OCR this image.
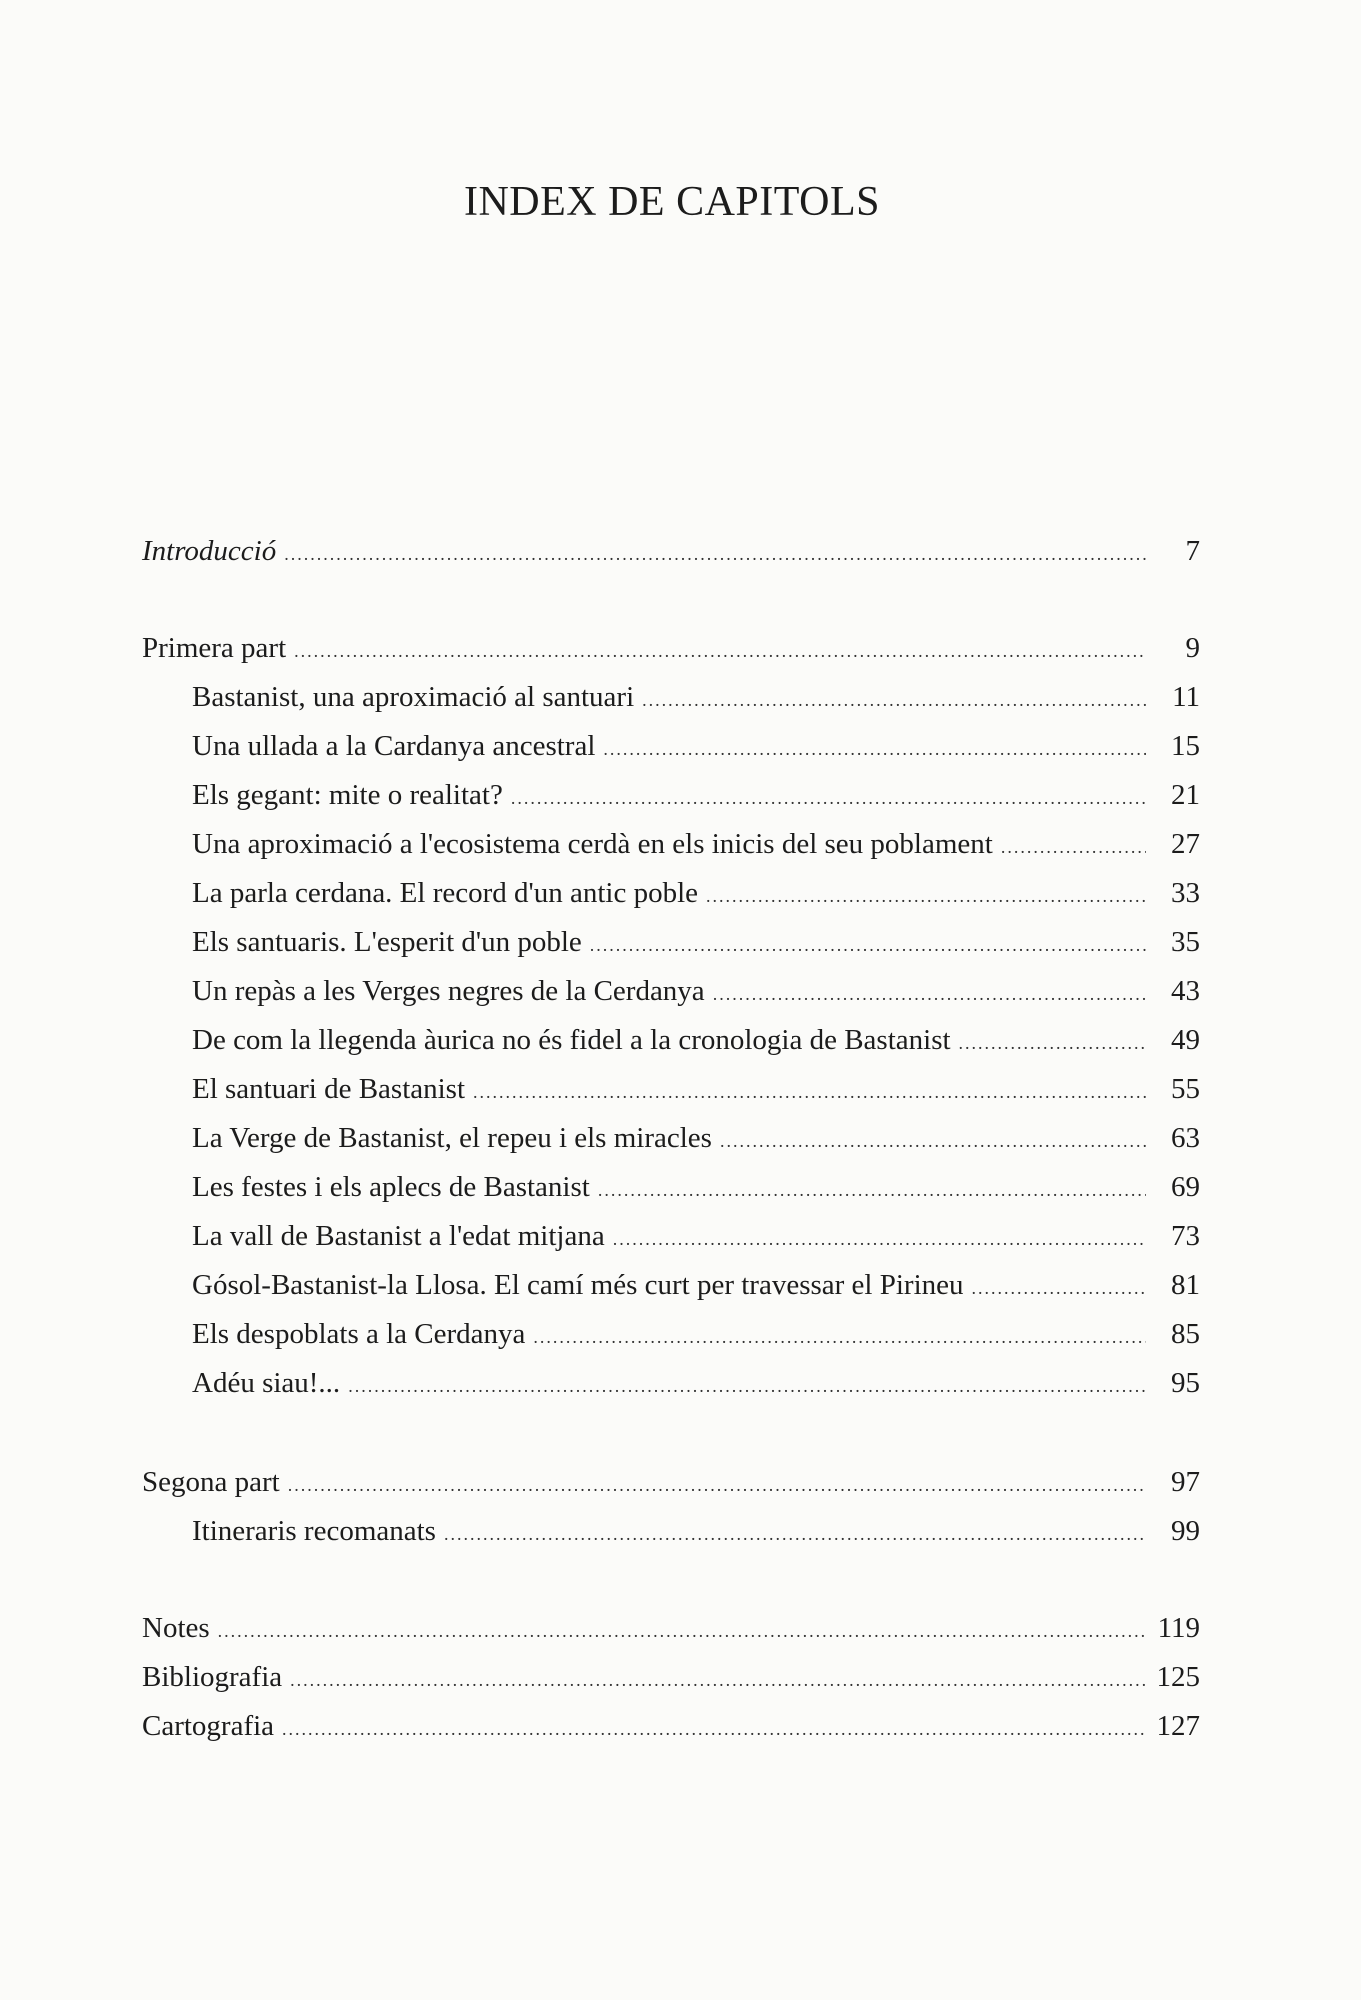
INDEX DE CAPITOLS
Introducció .....	7
Primera part .....	9
Bastanist, una aproximació al santuari .....	11
Una ullada a la Cardanya ancestral .....	15
Els gegant: mite o realitat? .....	21
Una aproximació a l'ecosistema cerdà en els inicis del seu poblament .....	27
La parla cerdana. El record d'un antic poble .....	33
Els santuaris. L'esperit d'un poble .....	35
Un repàs a les Verges negres de la Cerdanya .....	43
De com la llegenda àurica no és fidel a la cronologia de Bastanist .....	49
El santuari de Bastanist .....	55
La Verge de Bastanist, el repeu i els miracles .....	63
Les festes i els aplecs de Bastanist .....	69
La vall de Bastanist a l'edat mitjana .....	73
Gósol-Bastanist-la Llosa. El camí més curt per travessar el Pirineu .....	81
Els despoblats a la Cerdanya .....	85
Adéu siau!... .....	95
Segona part .....	97
Itineraris recomanats .....	99
Notes .....	119
Bibliografia .....	125
Cartografia .....	127
